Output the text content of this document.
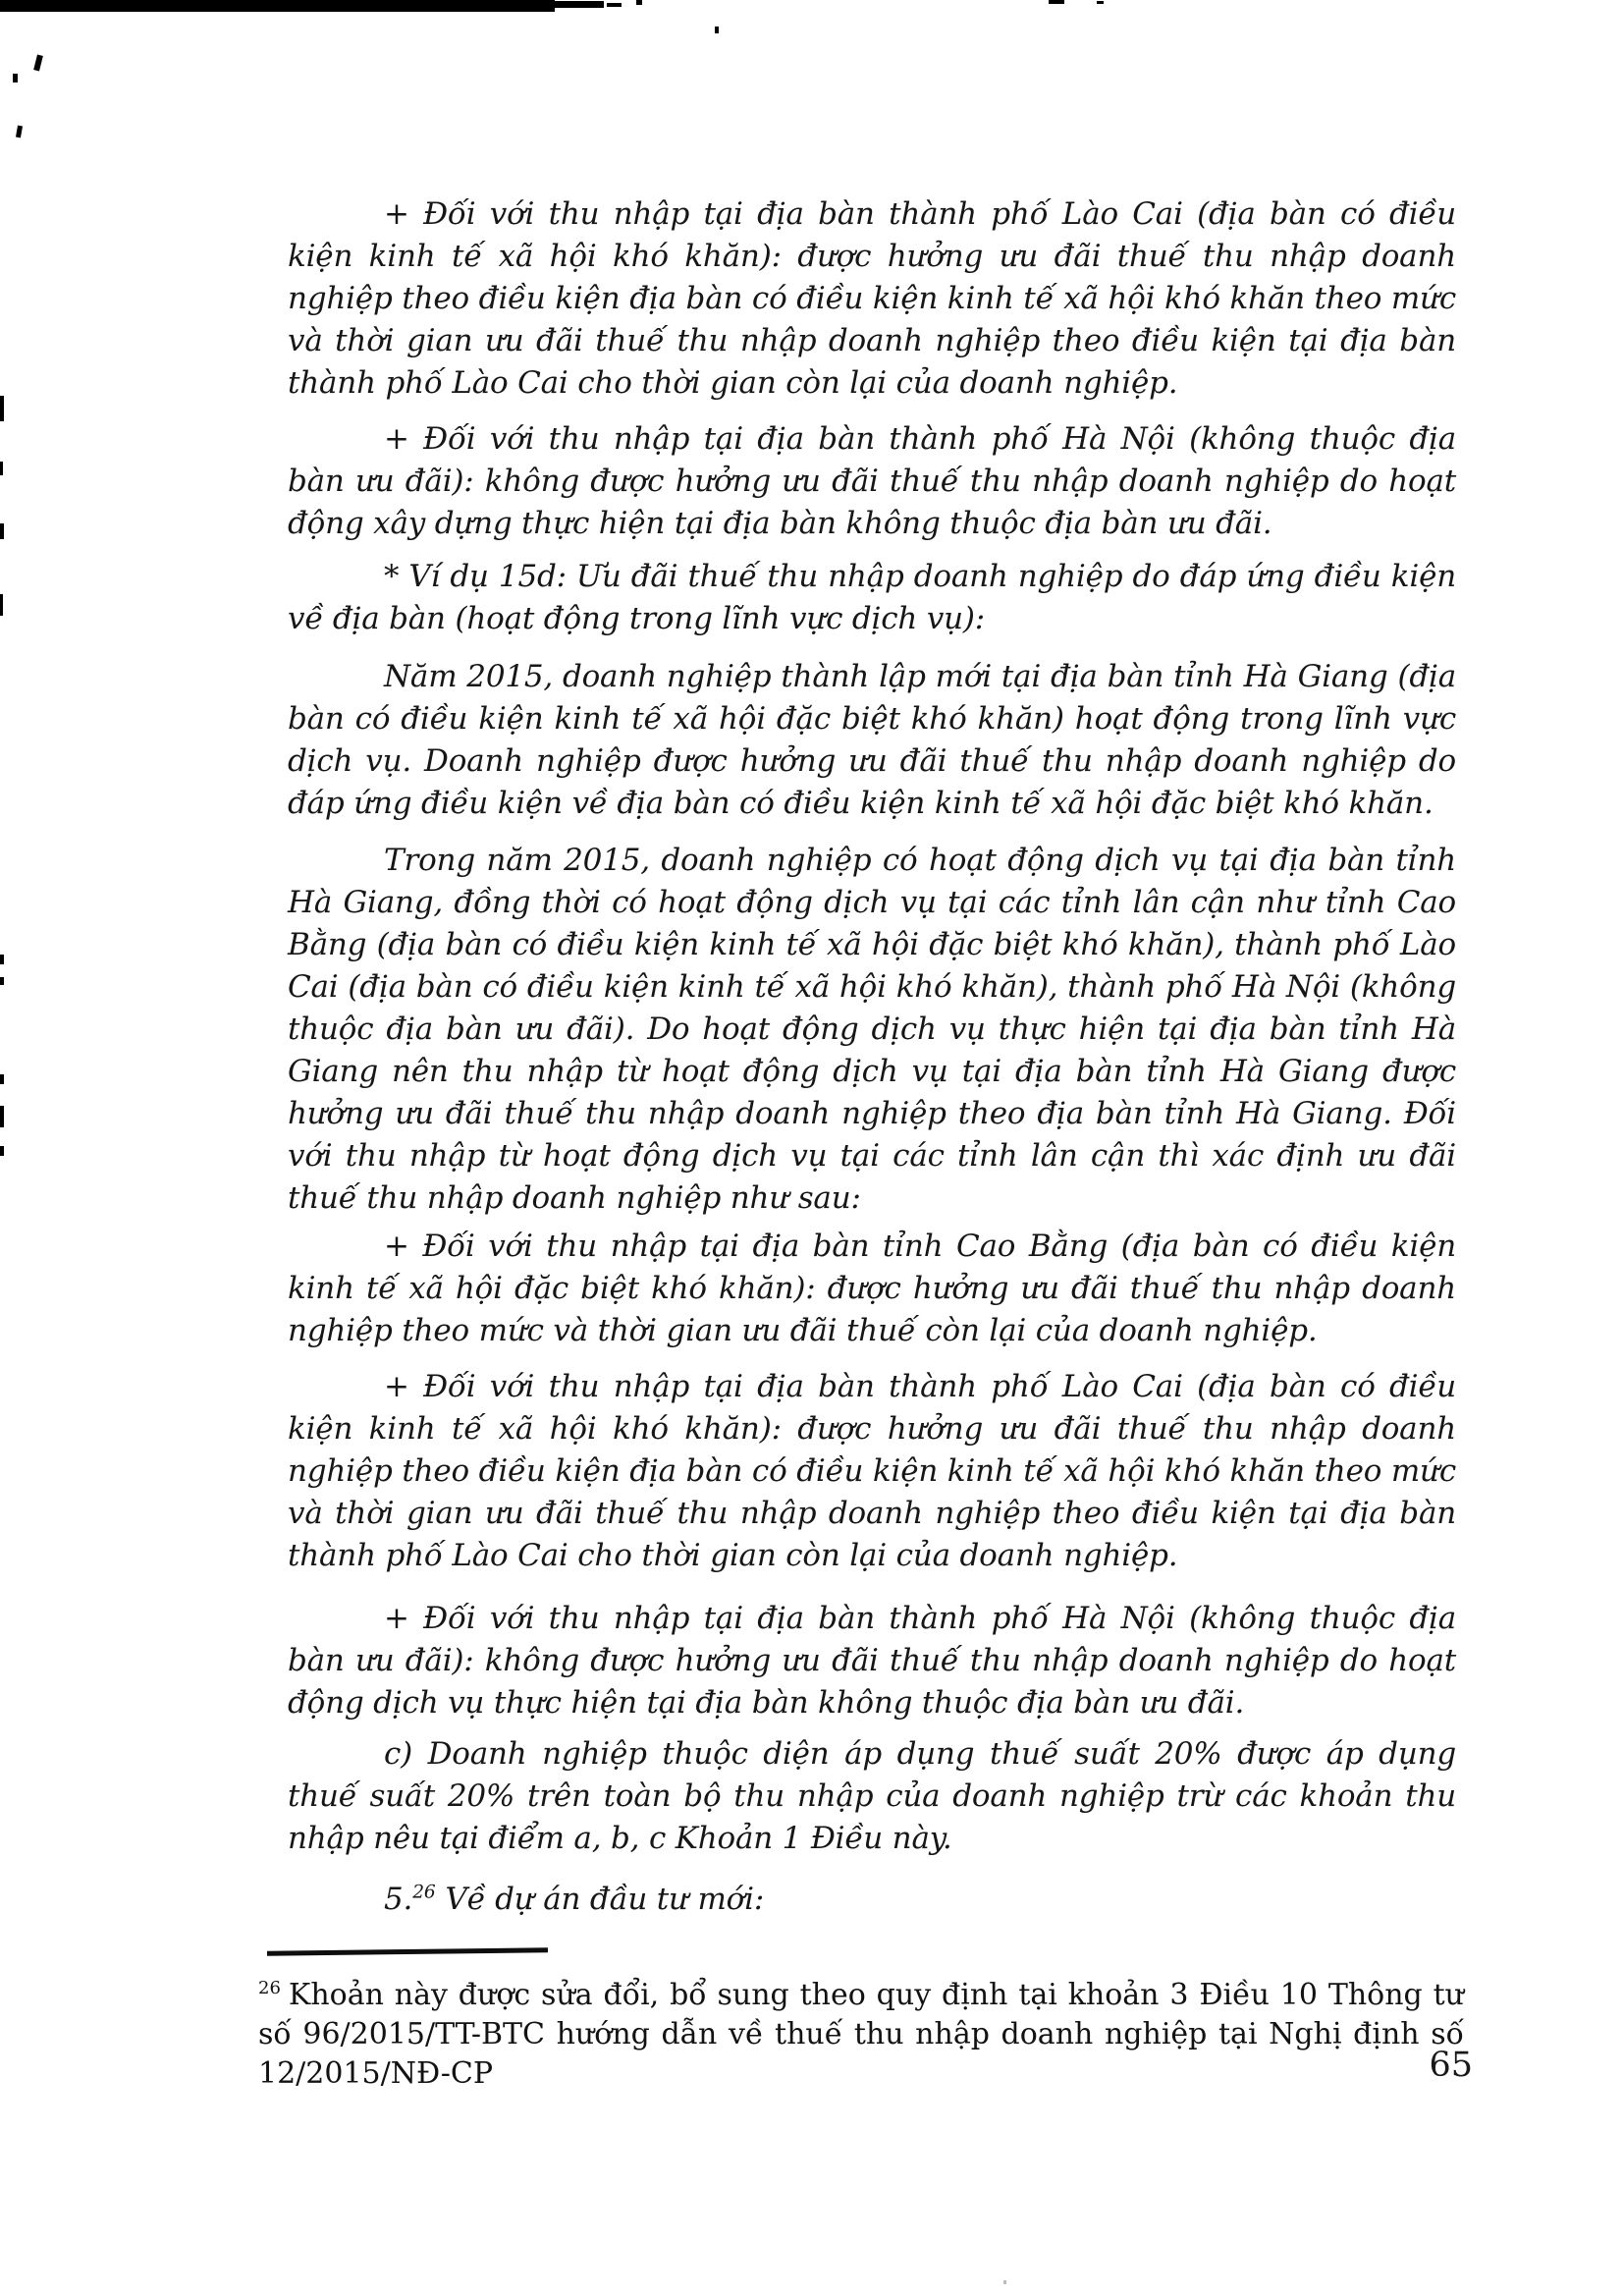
+ Đối với thu nhập tại địa bàn thành phố Lào Cai (địa bàn có điều kiện kinh tế xã hội khó khăn): được hưởng ưu đãi thuế thu nhập doanh nghiệp theo điều kiện địa bàn có điều kiện kinh tế xã hội khó khăn theo mức và thời gian ưu đãi thuế thu nhập doanh nghiệp theo điều kiện tại địa bàn thành phố Lào Cai cho thời gian còn lại của doanh nghiệp.

+ Đối với thu nhập tại địa bàn thành phố Hà Nội (không thuộc địa bàn ưu đãi): không được hưởng ưu đãi thuế thu nhập doanh nghiệp do hoạt động xây dựng thực hiện tại địa bàn không thuộc địa bàn ưu đãi.

* Ví dụ 15d: Ưu đãi thuế thu nhập doanh nghiệp do đáp ứng điều kiện về địa bàn (hoạt động trong lĩnh vực dịch vụ):

Năm 2015, doanh nghiệp thành lập mới tại địa bàn tỉnh Hà Giang (địa bàn có điều kiện kinh tế xã hội đặc biệt khó khăn) hoạt động trong lĩnh vực dịch vụ. Doanh nghiệp được hưởng ưu đãi thuế thu nhập doanh nghiệp do đáp ứng điều kiện về địa bàn có điều kiện kinh tế xã hội đặc biệt khó khăn.

Trong năm 2015, doanh nghiệp có hoạt động dịch vụ tại địa bàn tỉnh Hà Giang, đồng thời có hoạt động dịch vụ tại các tỉnh lân cận như tỉnh Cao Bằng (địa bàn có điều kiện kinh tế xã hội đặc biệt khó khăn), thành phố Lào Cai (địa bàn có điều kiện kinh tế xã hội khó khăn), thành phố Hà Nội (không thuộc địa bàn ưu đãi). Do hoạt động dịch vụ thực hiện tại địa bàn tỉnh Hà Giang nên thu nhập từ hoạt động dịch vụ tại địa bàn tỉnh Hà Giang được hưởng ưu đãi thuế thu nhập doanh nghiệp theo địa bàn tỉnh Hà Giang. Đối với thu nhập từ hoạt động dịch vụ tại các tỉnh lân cận thì xác định ưu đãi thuế thu nhập doanh nghiệp như sau:

+ Đối với thu nhập tại địa bàn tỉnh Cao Bằng (địa bàn có điều kiện kinh tế xã hội đặc biệt khó khăn): được hưởng ưu đãi thuế thu nhập doanh nghiệp theo mức và thời gian ưu đãi thuế còn lại của doanh nghiệp.

+ Đối với thu nhập tại địa bàn thành phố Lào Cai (địa bàn có điều kiện kinh tế xã hội khó khăn): được hưởng ưu đãi thuế thu nhập doanh nghiệp theo điều kiện địa bàn có điều kiện kinh tế xã hội khó khăn theo mức và thời gian ưu đãi thuế thu nhập doanh nghiệp theo điều kiện tại địa bàn thành phố Lào Cai cho thời gian còn lại của doanh nghiệp.

+ Đối với thu nhập tại địa bàn thành phố Hà Nội (không thuộc địa bàn ưu đãi): không được hưởng ưu đãi thuế thu nhập doanh nghiệp do hoạt động dịch vụ thực hiện tại địa bàn không thuộc địa bàn ưu đãi.

c) Doanh nghiệp thuộc diện áp dụng thuế suất 20% được áp dụng thuế suất 20% trên toàn bộ thu nhập của doanh nghiệp trừ các khoản thu nhập nêu tại điểm a, b, c Khoản 1 Điều này.

5.26 Về dự án đầu tư mới:

$^{26}$ Khoản này được sửa đổi, bổ sung theo quy định tại khoản 3 Điều 10 Thông tư số 96/2015/TT-BTC hướng dẫn về thuế thu nhập doanh nghiệp tại Nghị định số 12/2015/NĐ-CP	65
